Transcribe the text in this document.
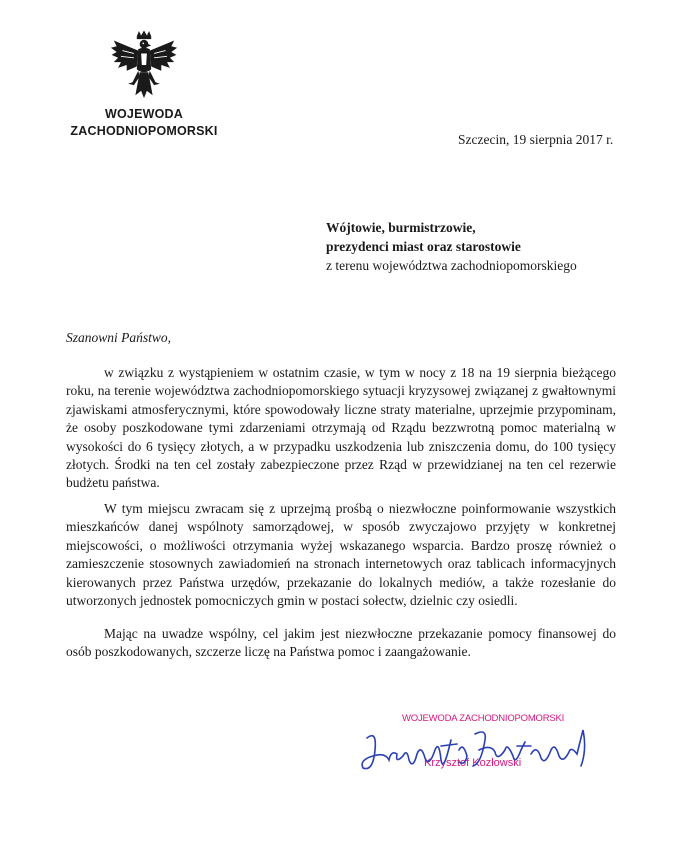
WOJEWODA
ZACHODNIOPOMORSKI
Szczecin, 19 sierpnia 2017 r.
Wójtowie, burmistrzowie,
prezydenci miast oraz starostowie
z terenu województwa zachodniopomorskiego
Szanowni Państwo,

w związku z wystąpieniem w ostatnim czasie, w tym w nocy z 18 na 19 sierpnia bieżącego roku, na terenie województwa zachodniopomorskiego sytuacji kryzysowej związanej z gwałtownymi zjawiskami atmosferycznymi, które spowodowały liczne straty materialne, uprzejmie przypominam, że osoby poszkodowane tymi zdarzeniami otrzymają od Rządu bezzwrotną pomoc materialną w wysokości do 6 tysięcy złotych, a w przypadku uszkodzenia lub zniszczenia domu, do 100 tysięcy złotych. Środki na ten cel zostały zabezpieczone przez Rząd w przewidzianej na ten cel rezerwie budżetu państwa.

W tym miejscu zwracam się z uprzejmą prośbą o niezwłoczne poinformowanie wszystkich mieszkańców danej wspólnoty samorządowej, w sposób zwyczajowo przyjęty w konkretnej miejscowości, o możliwości otrzymania wyżej wskazanego wsparcia. Bardzo proszę również o zamieszczenie stosownych zawiadomień na stronach internetowych oraz tablicach informacyjnych kierowanych przez Państwa urzędów, przekazanie do lokalnych mediów, a także rozesłanie do utworzonych jednostek pomocniczych gmin w postaci sołectw, dzielnic czy osiedli.

Mając na uwadze wspólny, cel jakim jest niezwłoczne przekazanie pomocy finansowej do osób poszkodowanych, szczerze liczę na Państwa pomoc i zaangażowanie.

WOJEWODA ZACHODNIOPOMORSKI
Krzysztof Kozłowski
